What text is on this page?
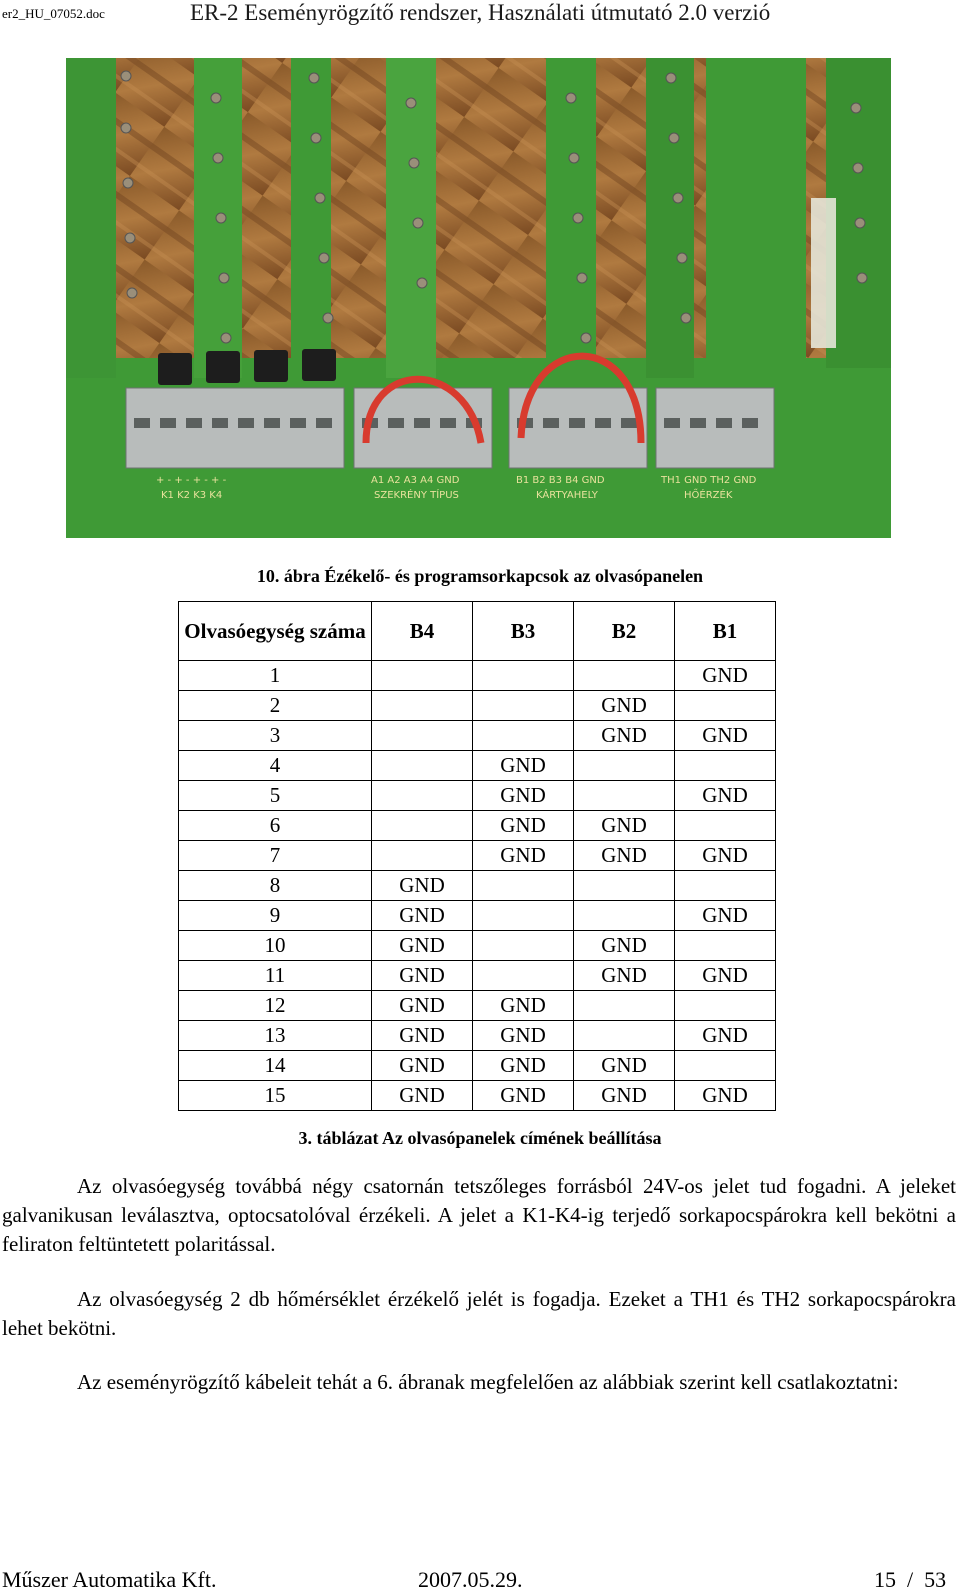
er2_HU_07052.doc	ER-2 Eseményrögzítő rendszer, Használati útmutató 2.0 verzió
+ - + - + - + -
K1 K2 K3 K4
A1 A2 A3 A4 GND
SZEKRÉNY TÍPUS
B1 B2 B3 B4 GND
KÁRTYAHELY
TH1 GND TH2 GND
HŐÉRZÉK
10. ábra Ézékelő- és programsorkapcsok az olvasópanelen
Olvasóegység száma	B4	B3	B2	B1
1				GND
2			GND	
3			GND	GND
4		GND		
5		GND		GND
6		GND	GND	
7		GND	GND	GND
8	GND			
9	GND			GND
10	GND		GND	
11	GND		GND	GND
12	GND	GND		
13	GND	GND		GND
14	GND	GND	GND	
15	GND	GND	GND	GND
3. táblázat Az olvasópanelek címének beállítása
Az olvasóegység továbbá négy csatornán tetszőleges forrásból 24V-os jelet tud fogadni. A jeleket galvanikusan leválasztva, optocsatolóval érzékeli. A jelet a K1-K4-ig terjedő sorkapocspárokra kell bekötni a feliraton feltüntetett polaritással.
Az olvasóegység 2 db hőmérséklet érzékelő jelét is fogadja. Ezeket a TH1 és TH2 sorkapocspárokra lehet bekötni.
Az eseményrögzítő kábeleit tehát a 6. ábranak megfelelően az alábbiak szerint kell csatlakoztatni:
Műszer Automatika Kft.	2007.05.29.	15  /  53
